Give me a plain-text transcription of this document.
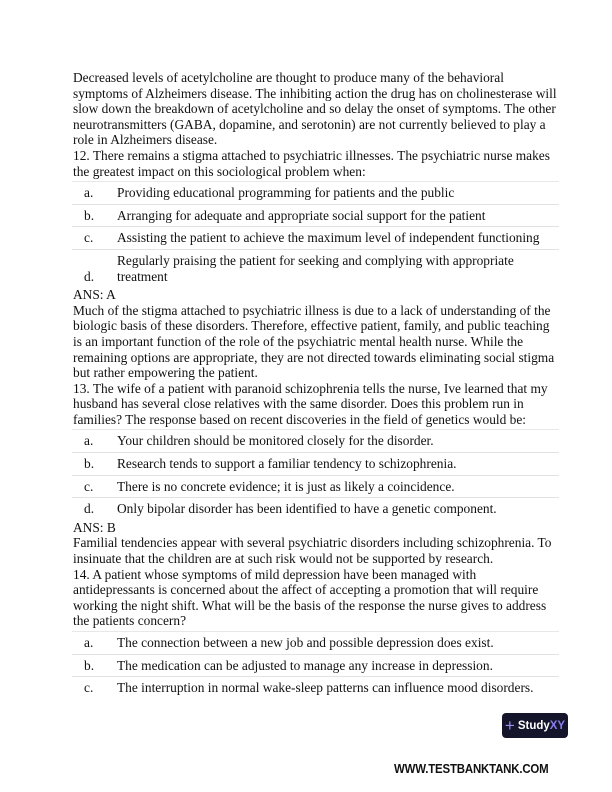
Decreased levels of acetylcholine are thought to produce many of the behavioral symptoms of Alzheimers disease. The inhibiting action the drug has on cholinesterase will slow down the breakdown of acetylcholine and so delay the onset of symptoms. The other neurotransmitters (GABA, dopamine, and serotonin) are not currently believed to play a role in Alzheimers disease.

12. There remains a stigma attached to psychiatric illnesses. The psychiatric nurse makes the greatest impact on this sociological problem when:

a.	Providing educational programming for patients and the public
b.	Arranging for adequate and appropriate social support for the patient
c.	Assisting the patient to achieve the maximum level of independent functioning
d.
Regularly praising the patient for seeking and complying with appropriate treatment

ANS: A

Much of the stigma attached to psychiatric illness is due to a lack of understanding of the biologic basis of these disorders. Therefore, effective patient, family, and public teaching is an important function of the role of the psychiatric mental health nurse. While the remaining options are appropriate, they are not directed towards eliminating social stigma but rather empowering the patient.

13. The wife of a patient with paranoid schizophrenia tells the nurse, Ive learned that my husband has several close relatives with the same disorder. Does this problem run in families? The response based on recent discoveries in the field of genetics would be:

a.	Your children should be monitored closely for the disorder.
b.	Research tends to support a familiar tendency to schizophrenia.
c.	There is no concrete evidence; it is just as likely a coincidence.
d.	Only bipolar disorder has been identified to have a genetic component.

ANS: B

Familial tendencies appear with several psychiatric disorders including schizophrenia. To insinuate that the children are at such risk would not be supported by research.

14. A patient whose symptoms of mild depression have been managed with antidepressants is concerned about the affect of accepting a promotion that will require working the night shift. What will be the basis of the response the nurse gives to address the patients concern?

a.	The connection between a new job and possible depression does exist.
b.	The medication can be adjusted to manage any increase in depression.
c.	The interruption in normal wake-sleep patterns can influence mood disorders.
+ StudyXY
WWW.TESTBANKTANK.COM
